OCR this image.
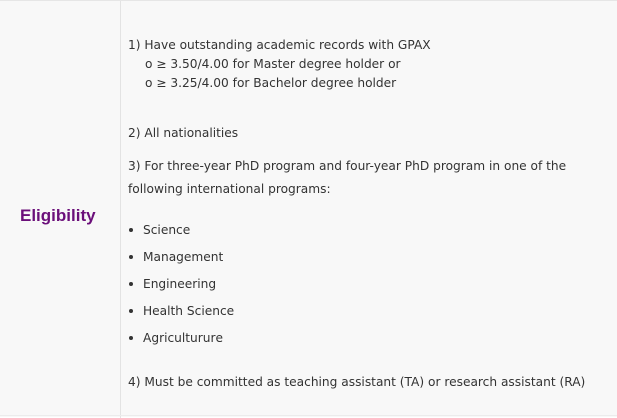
Eligibility
1) Have outstanding academic records with GPAX
o ≥ 3.50/4.00 for Master degree holder or
o ≥ 3.25/4.00 for Bachelor degree holder
2) All nationalities
3) For three-year PhD program and four-year PhD program in one of the
following international programs:
Science
Management
Engineering
Health Science
Agricultururе
4) Must be committed as teaching assistant (TA) or research assistant (RA)
